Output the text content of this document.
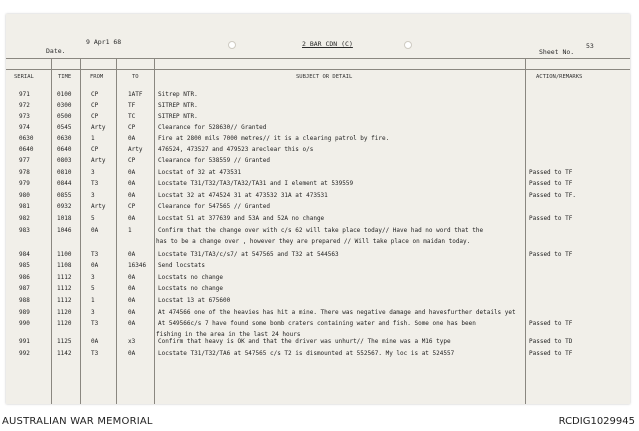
9 Apr1 68
Date.
2 BAR CDN (C)
Sheet No.
53
SERIAL	TIME	FROM	TO	SUBJECT OR DETAIL	ACTION/REMARKS
971	0100	CP	1ATF	Sitrep NTR.
972	0300	CP	TF	SITREP NTR.
973	0500	CP	TC	SITREP NTR.
974	0545	Arty	CP	Clearance for 528630// Granted
0630	0630	1	0A	Fire at 2800 mils 7000 metres// it is a clearing patrol by fire.
0640	0640	CP	Arty	476524, 473527 and 479523 areclear this o/s
977	0803	Arty	CP	Clearance for 538559 // Granted
978	0810	3	0A	Locstat of 32 at 473531	Passed to TF
979	0844	T3	0A	Locstate T31/T32/TA3/TA32/TA31 and I element at 539559	Passed to TF
980	0855	3	0A	Locstat 32 at 474524 31 at 473532 31A at 473531	Passed to TF.
981	0932	Arty	CP	Clearance for 547565 // Granted
982	1018	5	0A	Locstat 51 at 377639 and 53A and 52A no change	Passed to TF
983	1046	0A	1	Confirm that the change over with c/s 62 will take place today// Have had no word that the
has to be a change over , however they are prepared // Will take place on maidan today.
984	1100	T3	0A	Locstate T31/TA3/c/s7/ at 547565 and T32 at 544563	Passed to TF
985	1108	0A	16346 Send locstats
986	1112	3	0A	Locstats no change
987	1112	5	0A	Locstats no change
988	1112	1	0A	Locstat 13 at 675600
989	1120	3	0A	At 474566 one of the heavies has hit a mine. There was negative damage and havesfurther details yet
990	1120	T3	0A	At 549566c/s 7 have found some bomb craters containing water and fish. Some one has been	Passed to TF
fishing in the area in the last 24 hours
991	1125	0A	x3	Confirm that heavy is OK and that the driver was unhurt// The mine was a M16 type	Passed to TD
992	1142	T3	0A	Locstate T31/T32/TA6 at 547565 c/s T2 is dismounted at 552567. My loc is at 524557	Passed to TF
AUSTRALIAN WAR MEMORIAL	RCDIG1029945
